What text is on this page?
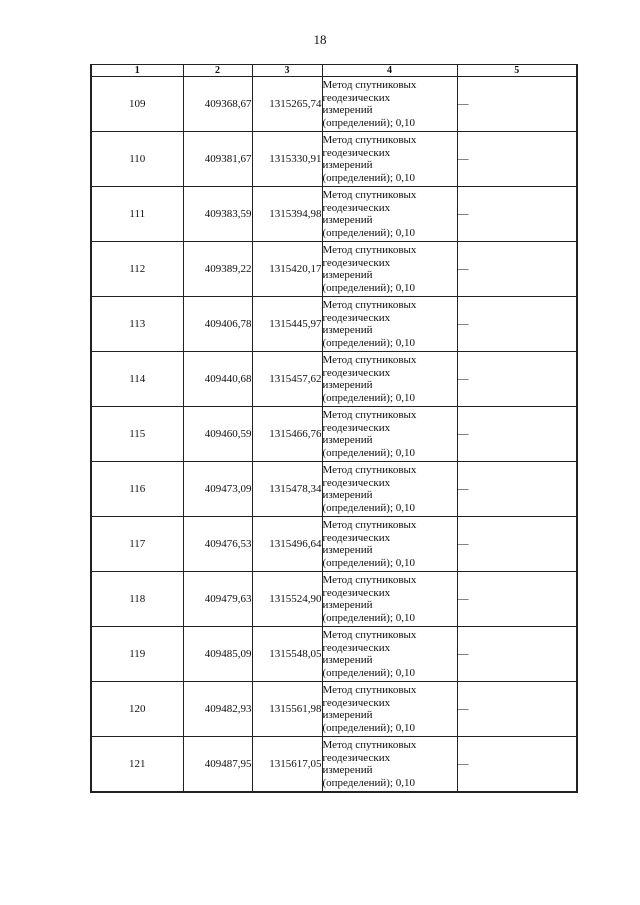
18
1	2	3	4	5
109	409368,67	1315265,74	Метод спутниковых
геодезических
измерений
(определений); 0,10	—
110	409381,67	1315330,91	Метод спутниковых
геодезических
измерений
(определений); 0,10	—
111	409383,59	1315394,98	Метод спутниковых
геодезических
измерений
(определений); 0,10	—
112	409389,22	1315420,17	Метод спутниковых
геодезических
измерений
(определений); 0,10	—
113	409406,78	1315445,97	Метод спутниковых
геодезических
измерений
(определений); 0,10	—
114	409440,68	1315457,62	Метод спутниковых
геодезических
измерений
(определений); 0,10	—
115	409460,59	1315466,76	Метод спутниковых
геодезических
измерений
(определений); 0,10	—
116	409473,09	1315478,34	Метод спутниковых
геодезических
измерений
(определений); 0,10	—
117	409476,53	1315496,64	Метод спутниковых
геодезических
измерений
(определений); 0,10	—
118	409479,63	1315524,90	Метод спутниковых
геодезических
измерений
(определений); 0,10	—
119	409485,09	1315548,05	Метод спутниковых
геодезических
измерений
(определений); 0,10	—
120	409482,93	1315561,98	Метод спутниковых
геодезических
измерений
(определений); 0,10	—
121	409487,95	1315617,05	Метод спутниковых
геодезических
измерений
(определений); 0,10	—
